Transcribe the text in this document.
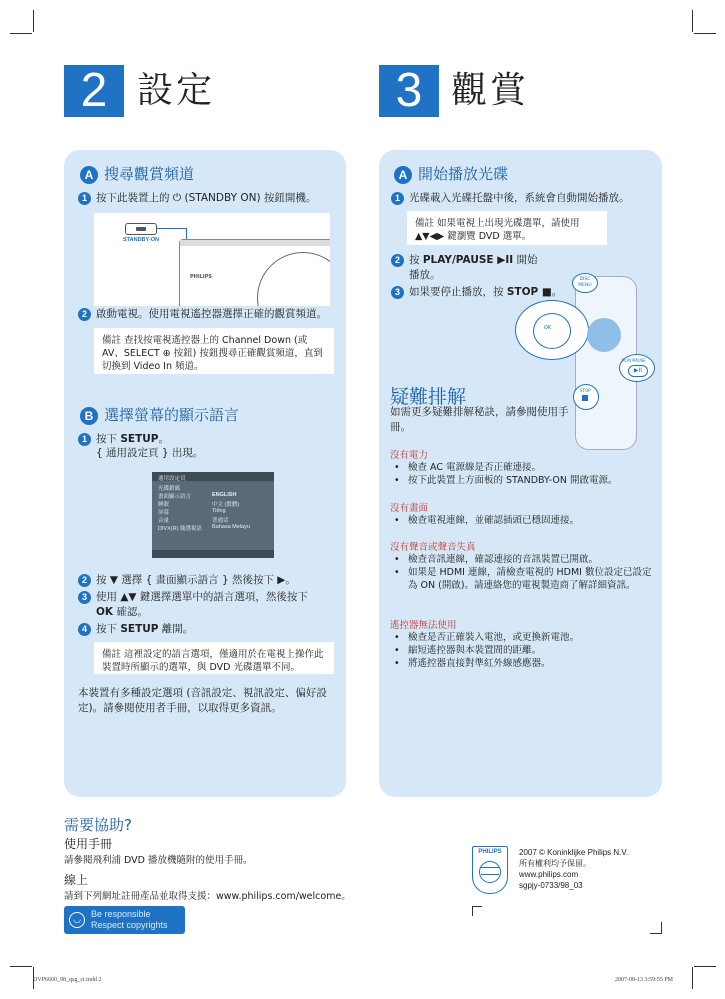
2 設定	3 觀賞
A 搜尋觀賞頻道
1 按下此裝置上的 ⏻ (STANDBY ON) 按鈕開機。
STANDBY-ON
PHILIPS
2 啟動電視。使用電視遙控器選擇正確的觀賞頻道。
備註 查找按電視遙控器上的 Channel Down (或 AV、SELECT ⊕ 按鈕) 按鈕搜尋正確觀賞頻道，直到切換到 Video In 頻道。
B 選擇螢幕的顯示語言
1 按下 SETUP。
{ 通用設定頁 } 出現。
通用設定頁
光碟鎖碼
畫面顯示語言	ENGLISH
睡眠	中文 (繁體)
屏幕	Tiếng
音量	普通话
DIVX(R) 隨選視訊 Bahasa Melayu
2 按 ▼ 選擇 { 畫面顯示語言 } 然後按下 ▶。
3 使用 ▲▼ 鍵選擇選單中的語言選項，然後按下
OK 確認。
4 按下 SETUP 離開。
備註 這裡設定的語言選項，僅適用於在電視上操作此裝置時所顯示的選單，與 DVD 光碟選單不同。
本裝置有多種設定選項 (音訊設定、視訊設定、偏好設定)。請參閱使用者手冊，以取得更多資訊。
A 開始播放光碟
1 光碟載入光碟托盤中後，系統會自動開始播放。
備註 如果電視上出現光碟選單，請使用 ▲▼◀▶ 鍵瀏覽 DVD 選單。
2 按 PLAY/PAUSE ▶II 開始
播放。
3 如果要停止播放，按 STOP ■。
OK
DISC MENU
PLAY/PAUSE
▶II
STOP
疑難排解
如需更多疑難排解秘訣，請參閱使用手冊。
沒有電力
• 檢查 AC 電源線是否正確連接。
• 按下此裝置上方面板的 STANDBY-ON 開啟電源。
沒有畫面
• 檢查電視連線，並確認插頭已穩固連接。
沒有聲音或聲音失真
• 檢查音訊連線，確認連接的音訊裝置已開啟。
• 如果是 HDMI 連線，請檢查電視的 HDMI 數位設定已設定為 ON (開啟)。請連絡您的電視製造商了解詳細資訊。
遙控器無法使用
• 檢查是否正確裝入電池，或更換新電池。
• 縮短遙控器與本裝置間的距離。
• 將遙控器直接對準紅外線感應器。
需要協助?
使用手冊
請參閱飛利浦 DVD 播放機隨附的使用手冊。
線上
請到下列網址註冊產品並取得支援：www.philips.com/welcome。
◡
Be responsible
Respect copyrights
PHILIPS	2007 © Koninklijke Philips N.V.
所有權利均予保留。
www.philips.com
sgpjy-0733/98_03
DVP6600_98_qsg_ct.indd 2	2007-08-13 3:59:55 PM
